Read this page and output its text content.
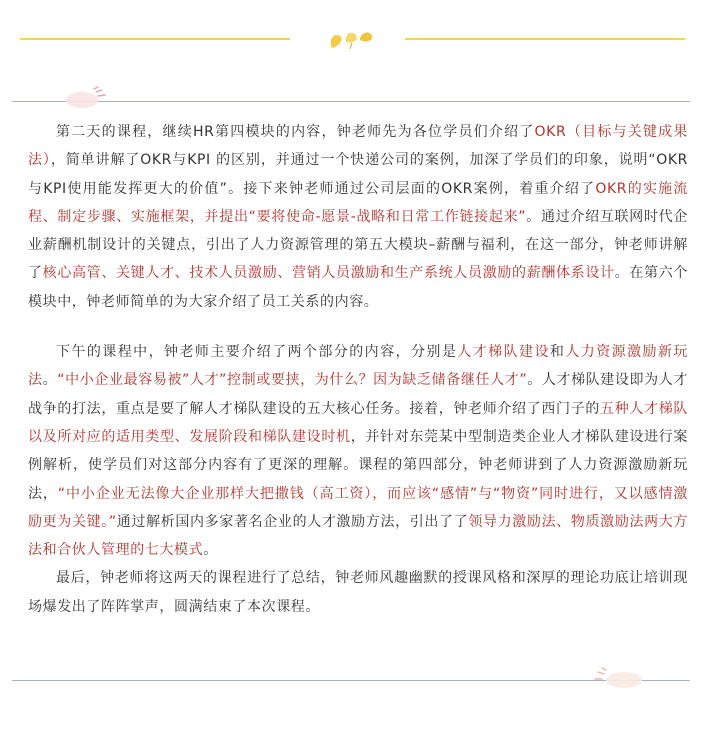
第二天的课程，继续HR第四模块的内容，钟老师先为各位学员们介绍了OKR（目标与关键成果法），简单讲解了OKR与KPI 的区别，并通过一个快递公司的案例，加深了学员们的印象，说明“OKR与KPI使用能发挥更大的价值”。接下来钟老师通过公司层面的OKR案例，着重介绍了OKR的实施流程、制定步骤、实施框架，并提出“要将使命-愿景-战略和日常工作链接起来”。通过介绍互联网时代企业薪酬机制设计的关键点，引出了人力资源管理的第五大模块–薪酬与福利，在这一部分，钟老师讲解了核心高管、关键人才、技术人员激励、营销人员激励和生产系统人员激励的薪酬体系设计。在第六个模块中，钟老师简单的为大家介绍了员工关系的内容。

下午的课程中，钟老师主要介绍了两个部分的内容，分别是人才梯队建设和人力资源激励新玩法。“中小企业最容易被”人才”控制或要挟，为什么？因为缺乏储备继任人才”。人才梯队建设即为人才战争的打法，重点是要了解人才梯队建设的五大核心任务。接着，钟老师介绍了西门子的五种人才梯队以及所对应的适用类型、发展阶段和梯队建设时机，并针对东莞某中型制造类企业人才梯队建设进行案例解析，使学员们对这部分内容有了更深的理解。课程的第四部分，钟老师讲到了人力资源激励新玩法，“中小企业无法像大企业那样大把撒钱（高工资），而应该“感情”与“物资”同时进行，又以感情激励更为关键。”通过解析国内多家著名企业的人才激励方法，引出了了领导力激励法、物质激励法两大方法和合伙人管理的七大模式。

最后，钟老师将这两天的课程进行了总结，钟老师风趣幽默的授课风格和深厚的理论功底让培训现场爆发出了阵阵掌声，圆满结束了本次课程。
